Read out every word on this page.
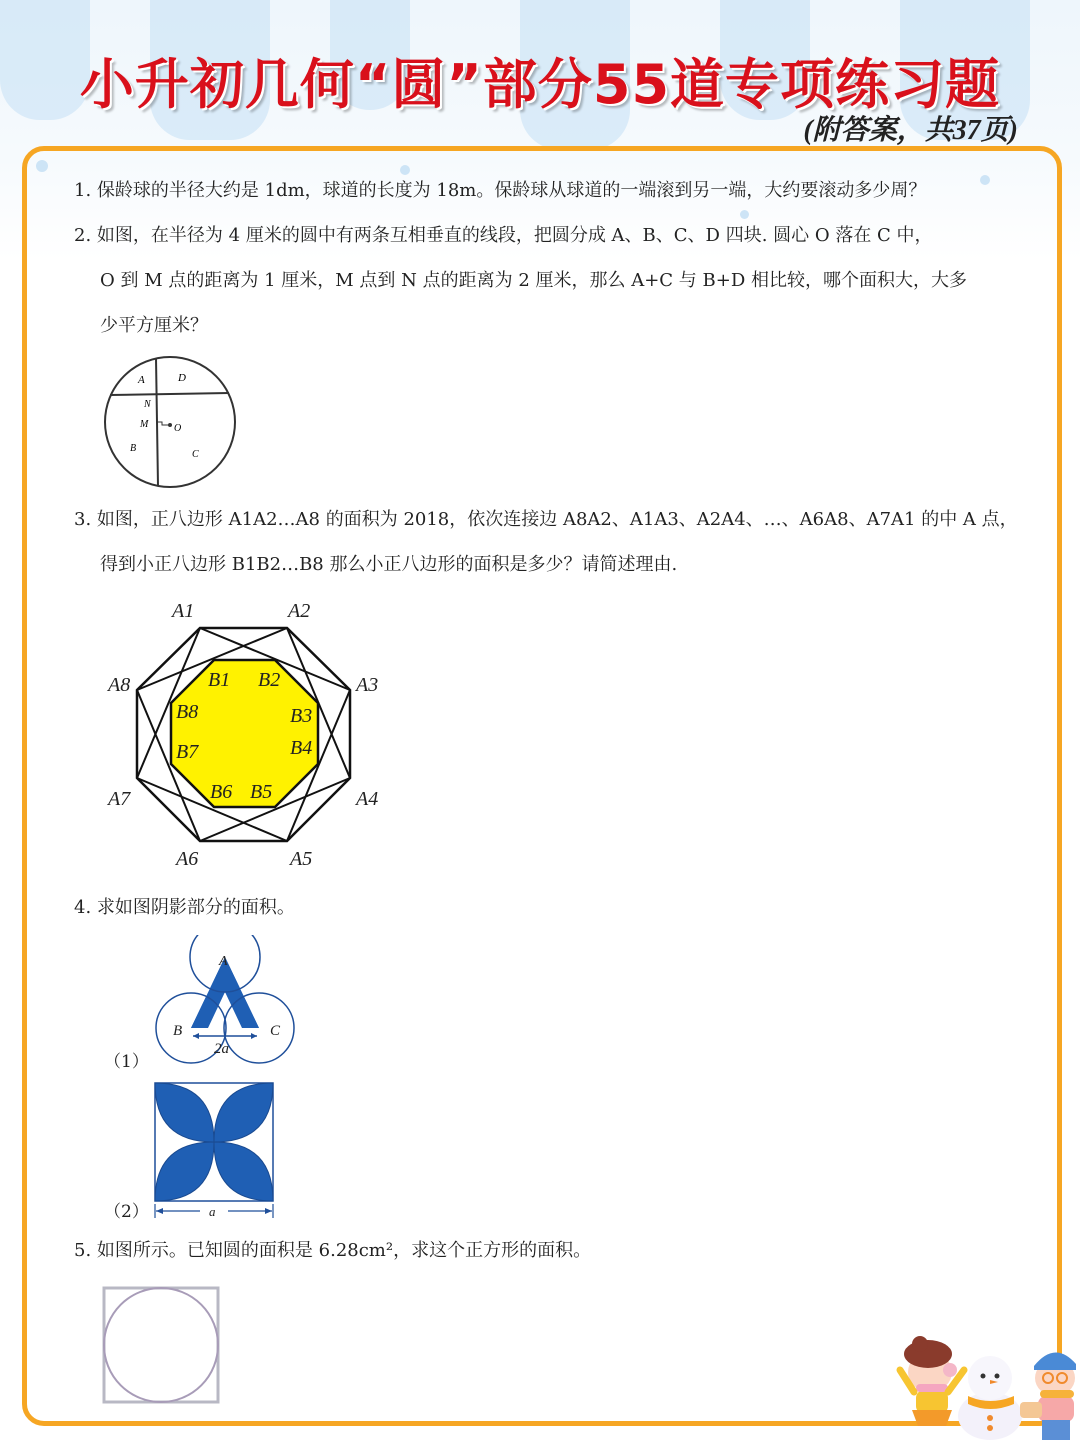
小升初几何“圆”部分55道专项练习题
(附答案，共37页)
1. 保龄球的半径大约是 1dm，球道的长度为 18m。保龄球从球道的一端滚到另一端，大约要滚动多少周？
2. 如图，在半径为 4 厘米的圆中有两条互相垂直的线段，把圆分成 A、B、C、D 四块. 圆心 O 落在 C 中，
O 到 M 点的距离为 1 厘米，M 点到 N 点的距离为 2 厘米，那么 A+C 与 B+D 相比较，哪个面积大，大多
少平方厘米？
A	D
N
M	O
B
C
3. 如图，正八边形 A1A2…A8 的面积为 2018，依次连接边 A8A2、A1A3、A2A4、…、A6A8、A7A1 的中 A 点，
得到小正八边形 B1B2…B8 那么小正八边形的面积是多少？请简述理由.
A1	A2
A3
A4
A5
A6
A7
A8	B1 B2
B3
B4
B5
B6
B7
B8
4. 求如图阴影部分的面积。
A
B	C
2a
（1）
a
（2）
5. 如图所示。已知圆的面积是 6.28cm²，求这个正方形的面积。
